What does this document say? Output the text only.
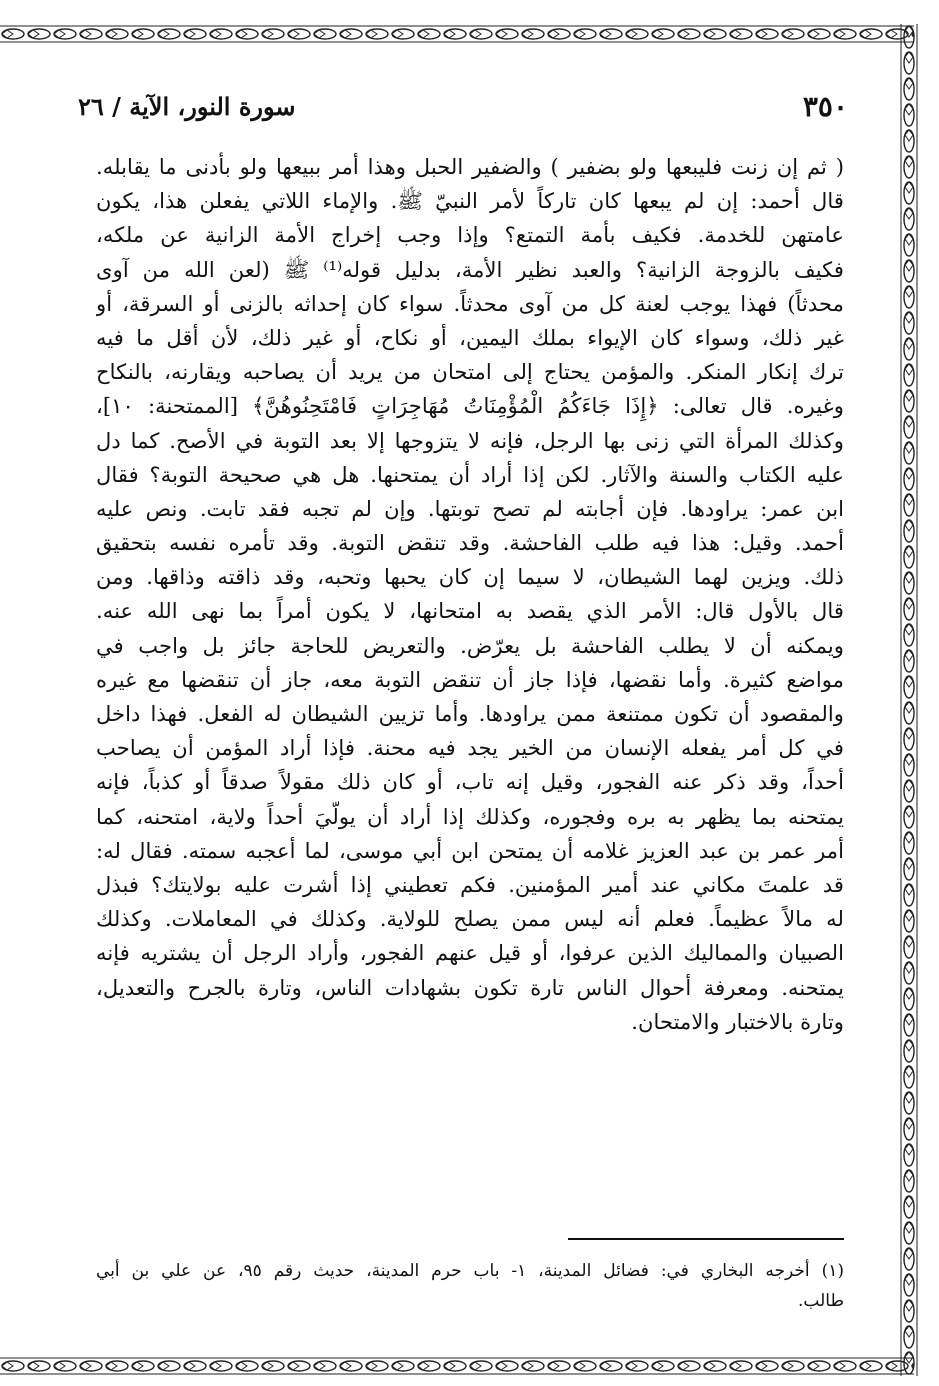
٣٥٠
سورة النور، الآية / ٢٦
( ثم إن زنت فليبعها ولو بضفير ) والضفير الحبل وهذا أمر ببيعها ولو بأدنى ما يقابله.
قال أحمد: إن لم يبعها كان تاركاً لأمر النبيّ ﷺ. والإماء اللاتي يفعلن هذا، يكون
عامتهن للخدمة. فكيف بأمة التمتع؟ وإذا وجب إخراج الأمة الزانية عن ملكه،
فكيف بالزوجة الزانية؟ والعبد نظير الأمة، بدليل قوله⁽¹⁾ ﷺ (لعن الله من آوى
محدثاً) فهذا يوجب لعنة كل من آوى محدثاً. سواء كان إحداثه بالزنى أو السرقة، أو
غير ذلك، وسواء كان الإيواء بملك اليمين، أو نكاح، أو غير ذلك، لأن أقل ما فيه
ترك إنكار المنكر. والمؤمن يحتاج إلى امتحان من يريد أن يصاحبه ويقارنه، بالنكاح
وغيره. قال تعالى: ﴿إِذَا جَاءَكُمُ الْمُؤْمِنَاتُ مُهَاجِرَاتٍ فَامْتَحِنُوهُنَّ﴾ [الممتحنة: ١٠]،
وكذلك المرأة التي زنى بها الرجل، فإنه لا يتزوجها إلا بعد التوبة في الأصح. كما دل
عليه الكتاب والسنة والآثار. لكن إذا أراد أن يمتحنها. هل هي صحيحة التوبة؟ فقال
ابن عمر: يراودها. فإن أجابته لم تصح توبتها. وإن لم تجبه فقد تابت. ونص عليه
أحمد. وقيل: هذا فيه طلب الفاحشة. وقد تنقض التوبة. وقد تأمره نفسه بتحقيق
ذلك. ويزين لهما الشيطان، لا سيما إن كان يحبها وتحبه، وقد ذاقته وذاقها. ومن
قال بالأول قال: الأمر الذي يقصد به امتحانها، لا يكون أمراً بما نهى الله عنه.
ويمكنه أن لا يطلب الفاحشة بل يعرّض. والتعريض للحاجة جائز بل واجب في
مواضع كثيرة. وأما نقضها، فإذا جاز أن تنقض التوبة معه، جاز أن تنقضها مع غيره
والمقصود أن تكون ممتنعة ممن يراودها. وأما تزيين الشيطان له الفعل. فهذا داخل
في كل أمر يفعله الإنسان من الخير يجد فيه محنة. فإذا أراد المؤمن أن يصاحب
أحداً، وقد ذكر عنه الفجور، وقيل إنه تاب، أو كان ذلك مقولاً صدقاً أو كذباً، فإنه
يمتحنه بما يظهر به بره وفجوره، وكذلك إذا أراد أن يولّيَ أحداً ولاية، امتحنه، كما
أمر عمر بن عبد العزيز غلامه أن يمتحن ابن أبي موسى، لما أعجبه سمته. فقال له:
قد علمتَ مكاني عند أمير المؤمنين. فكم تعطيني إذا أشرت عليه بولايتك؟ فبذل
له مالاً عظيماً. فعلم أنه ليس ممن يصلح للولاية. وكذلك في المعاملات. وكذلك
الصبيان والمماليك الذين عرفوا، أو قيل عنهم الفجور، وأراد الرجل أن يشتريه فإنه
يمتحنه. ومعرفة أحوال الناس تارة تكون بشهادات الناس، وتارة بالجرح والتعديل،
وتارة بالاختبار والامتحان.
(١) أخرجه البخاري في: فضائل المدينة، ١- باب حرم المدينة، حديث رقم ٩٥، عن علي بن أبي
طالب.
